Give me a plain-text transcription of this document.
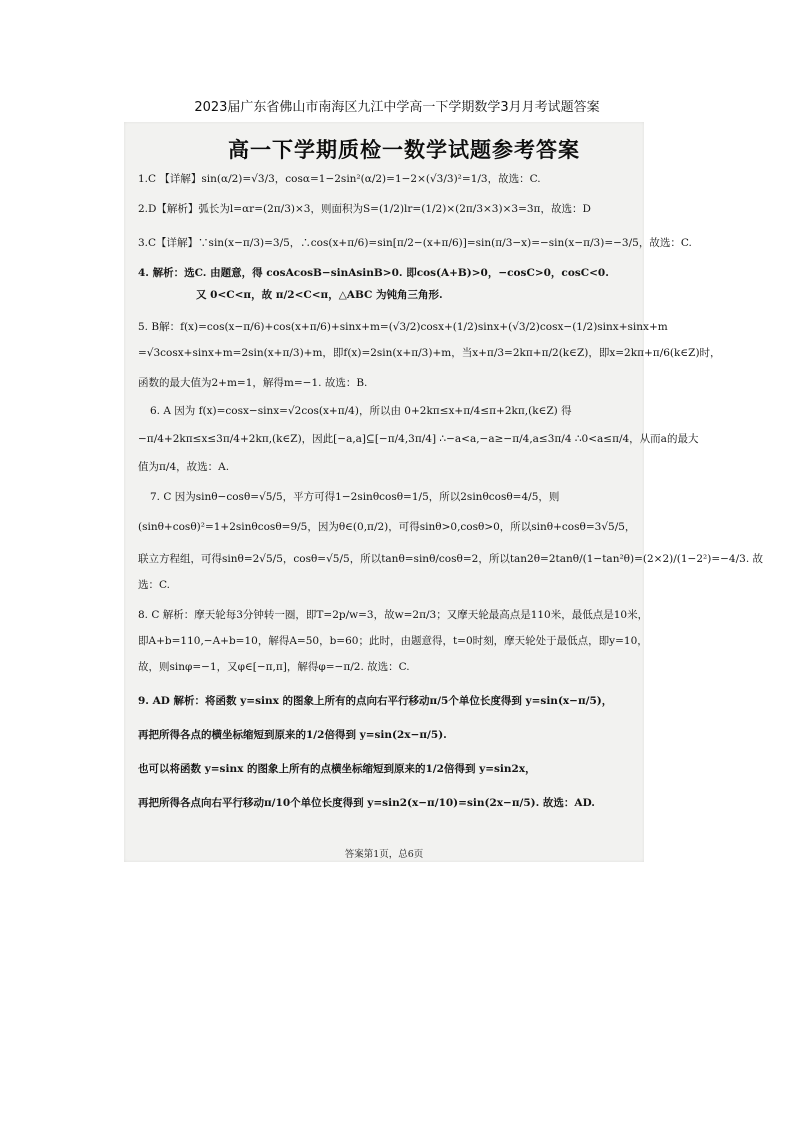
2023届广东省佛山市南海区九江中学高一下学期数学3月月考试题答案
高一下学期质检一数学试题参考答案
1.C 【详解】sin(α/2)=√3/3，cosα=1−2sin²(α/2)=1−2×(√3/3)²=1/3，故选：C.
2.D【解析】弧长为l=αr=(2π/3)×3，则面积为S=(1/2)lr=(1/2)×(2π/3×3)×3=3π，故选：D
3.C【详解】∵sin(x−π/3)=3/5，∴cos(x+π/6)=sin[π/2−(x+π/6)]=sin(π/3−x)=−sin(x−π/3)=−3/5，故选：C.
4. 解析：选C. 由题意，得 cosAcosB−sinAsinB>0. 即cos(A+B)>0，−cosC>0，cosC<0.
又 0<C<π，故 π/2<C<π，△ABC 为钝角三角形.
5. B解：f(x)=cos(x−π/6)+cos(x+π/6)+sinx+m=(√3/2)cosx+(1/2)sinx+(√3/2)cosx−(1/2)sinx+sinx+m
=√3cosx+sinx+m=2sin(x+π/3)+m，即f(x)=2sin(x+π/3)+m，当x+π/3=2kπ+π/2(k∈Z)，即x=2kπ+π/6(k∈Z)时，
函数的最大值为2+m=1，解得m=−1. 故选：B.
6. A 因为 f(x)=cosx−sinx=√2cos(x+π/4)，所以由 0+2kπ≤x+π/4≤π+2kπ,(k∈Z) 得
−π/4+2kπ≤x≤3π/4+2kπ,(k∈Z)，因此[−a,a]⊆[−π/4,3π/4] ∴−a<a,−a≥−π/4,a≤3π/4 ∴0<a≤π/4，从而a的最大
值为π/4，故选：A.
7. C 因为sinθ−cosθ=√5/5，平方可得1−2sinθcosθ=1/5，所以2sinθcosθ=4/5，则
(sinθ+cosθ)²=1+2sinθcosθ=9/5，因为θ∈(0,π/2)，可得sinθ>0,cosθ>0，所以sinθ+cosθ=3√5/5，
联立方程组，可得sinθ=2√5/5，cosθ=√5/5，所以tanθ=sinθ/cosθ=2，所以tan2θ=2tanθ/(1−tan²θ)=(2×2)/(1−2²)=−4/3. 故
选：C.
8. C 解析：摩天轮每3分钟转一圈，即T=2p/w=3，故w=2π/3；又摩天轮最高点是110米，最低点是10米，
即A+b=110,−A+b=10，解得A=50，b=60；此时，由题意得，t=0时刻，摩天轮处于最低点，即y=10，
故，则sinφ=−1，又φ∈[−π,π]，解得φ=−π/2. 故选：C.
9. AD 解析：将函数 y=sinx 的图象上所有的点向右平行移动π/5个单位长度得到 y=sin(x−π/5)，
再把所得各点的横坐标缩短到原来的1/2倍得到 y=sin(2x−π/5).
也可以将函数 y=sinx 的图象上所有的点横坐标缩短到原来的1/2倍得到 y=sin2x，
再把所得各点向右平行移动π/10个单位长度得到 y=sin2(x−π/10)=sin(2x−π/5). 故选：AD.
答案第1页，总6页
